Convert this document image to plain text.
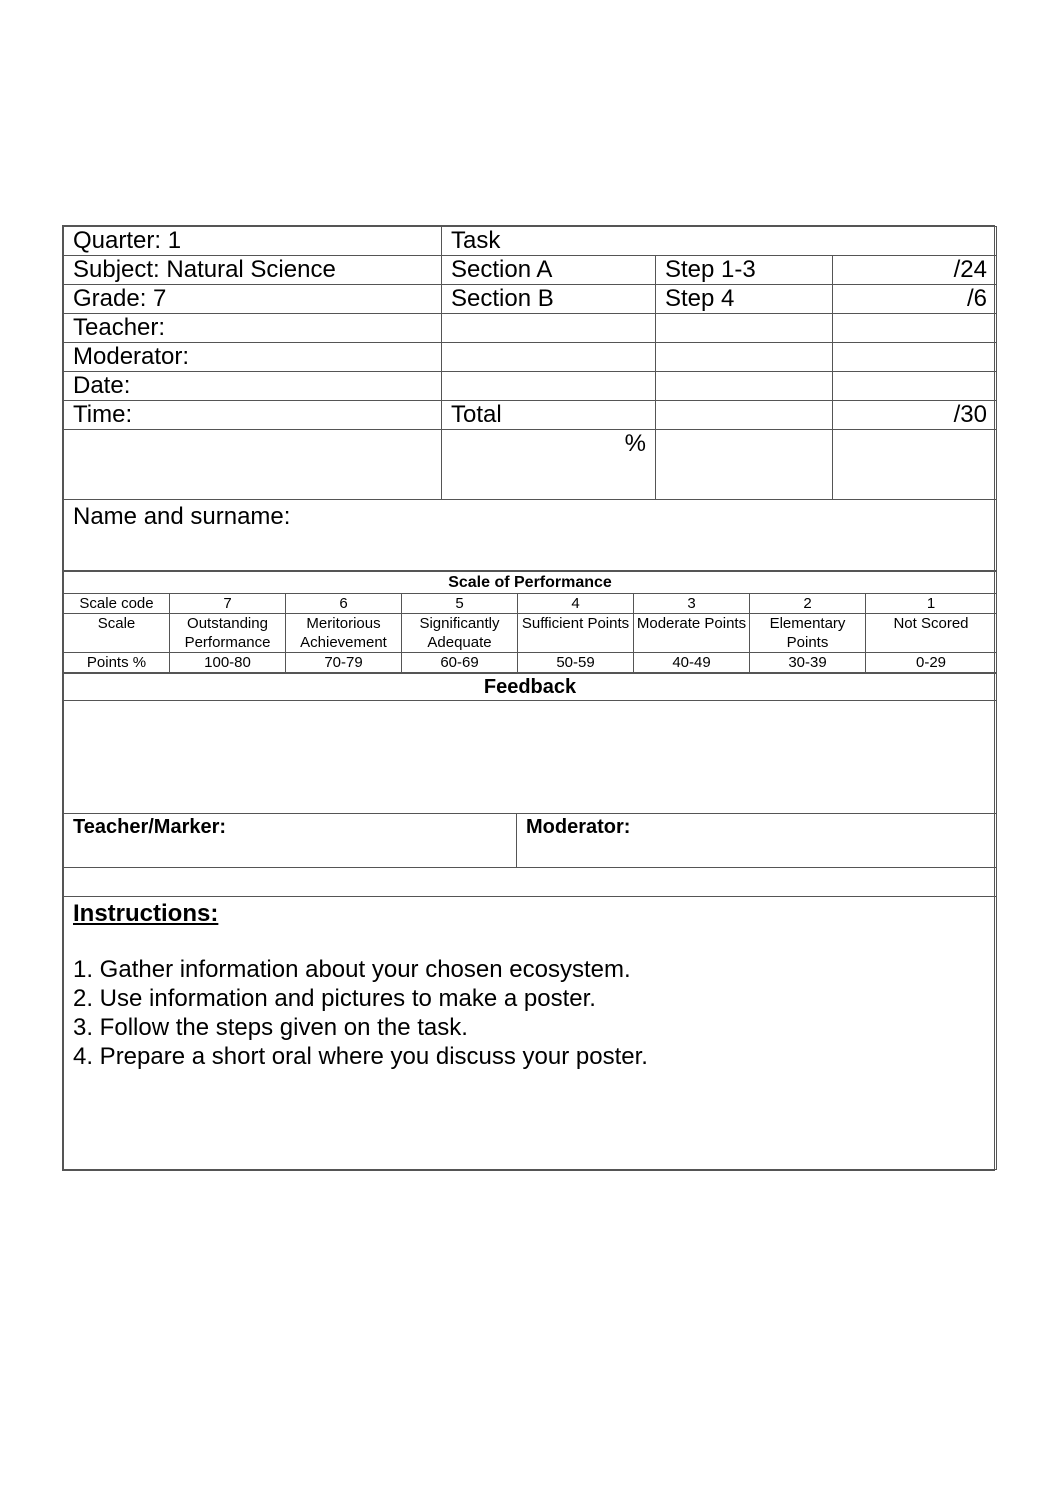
Quarter: 1	Task		
Subject: Natural Science	Section A	Step 1-3	/24
Grade: 7	Section B	Step 4	/6
Teacher:			
Moderator:			
Date:			
Time:	Total		/30
	%		
Name and surname:			
Scale of Performance							
Scale code	7	6	5	4	3	2	1
Scale	Outstanding Performance	Meritorious Achievement	Significantly Adequate	Sufficient Points	Moderate Points	Elementary Points	Not Scored
Points %	100-80	70-79	60-69	50-59	40-49	30-39	0-29
Feedback

Teacher/Marker:	Moderator:

Instructions:
1. Gather information about your chosen ecosystem.
2. Use information and pictures to make a poster.
3. Follow the steps given on the task.
4. Prepare a short oral where you discuss your poster.
